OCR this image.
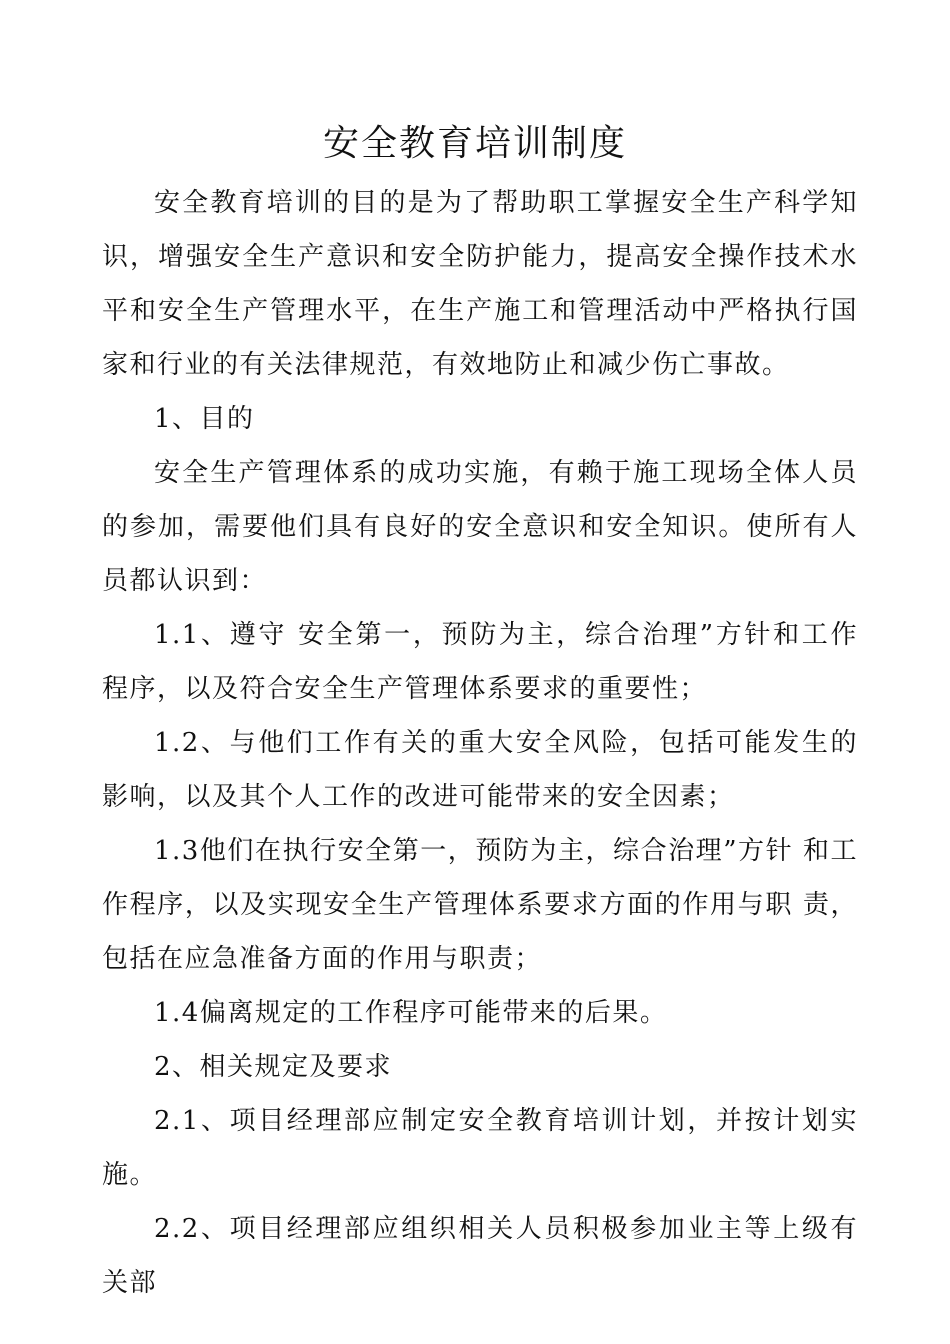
安全教育培训制度

安全教育培训的目的是为了帮助职工掌握安全生产科学知识，增强安全生产意识和安全防护能力，提高安全操作技术水 平和安全生产管理水平，在生产施工和管理活动中严格执行国 家和行业的有关法律规范，有效地防止和减少伤亡事故。

1、目的

安全生产管理体系的成功实施，有赖于施工现场全体人员 的参加，需要他们具有良好的安全意识和安全知识。使所有人 员都认识到：

1.1、遵守 安全第一，预防为主，综合治理”方针和工作 程序，以及符合安全生产管理体系要求的重要性；

1.2、与他们工作有关的重大安全风险，包括可能发生的 影响，以及其个人工作的改进可能带来的安全因素；

1.3他们在执行安全第一，预防为主，综合治理”方针 和工作程序，以及实现安全生产管理体系要求方面的作用与职 责，包括在应急准备方面的作用与职责；

1.4偏离规定的工作程序可能带来的后果。

2、相关规定及要求

2.1、项目经理部应制定安全教育培训计划，并按计划实 施。

2.2、项目经理部应组织相关人员积极参加业主等上级有 关部
